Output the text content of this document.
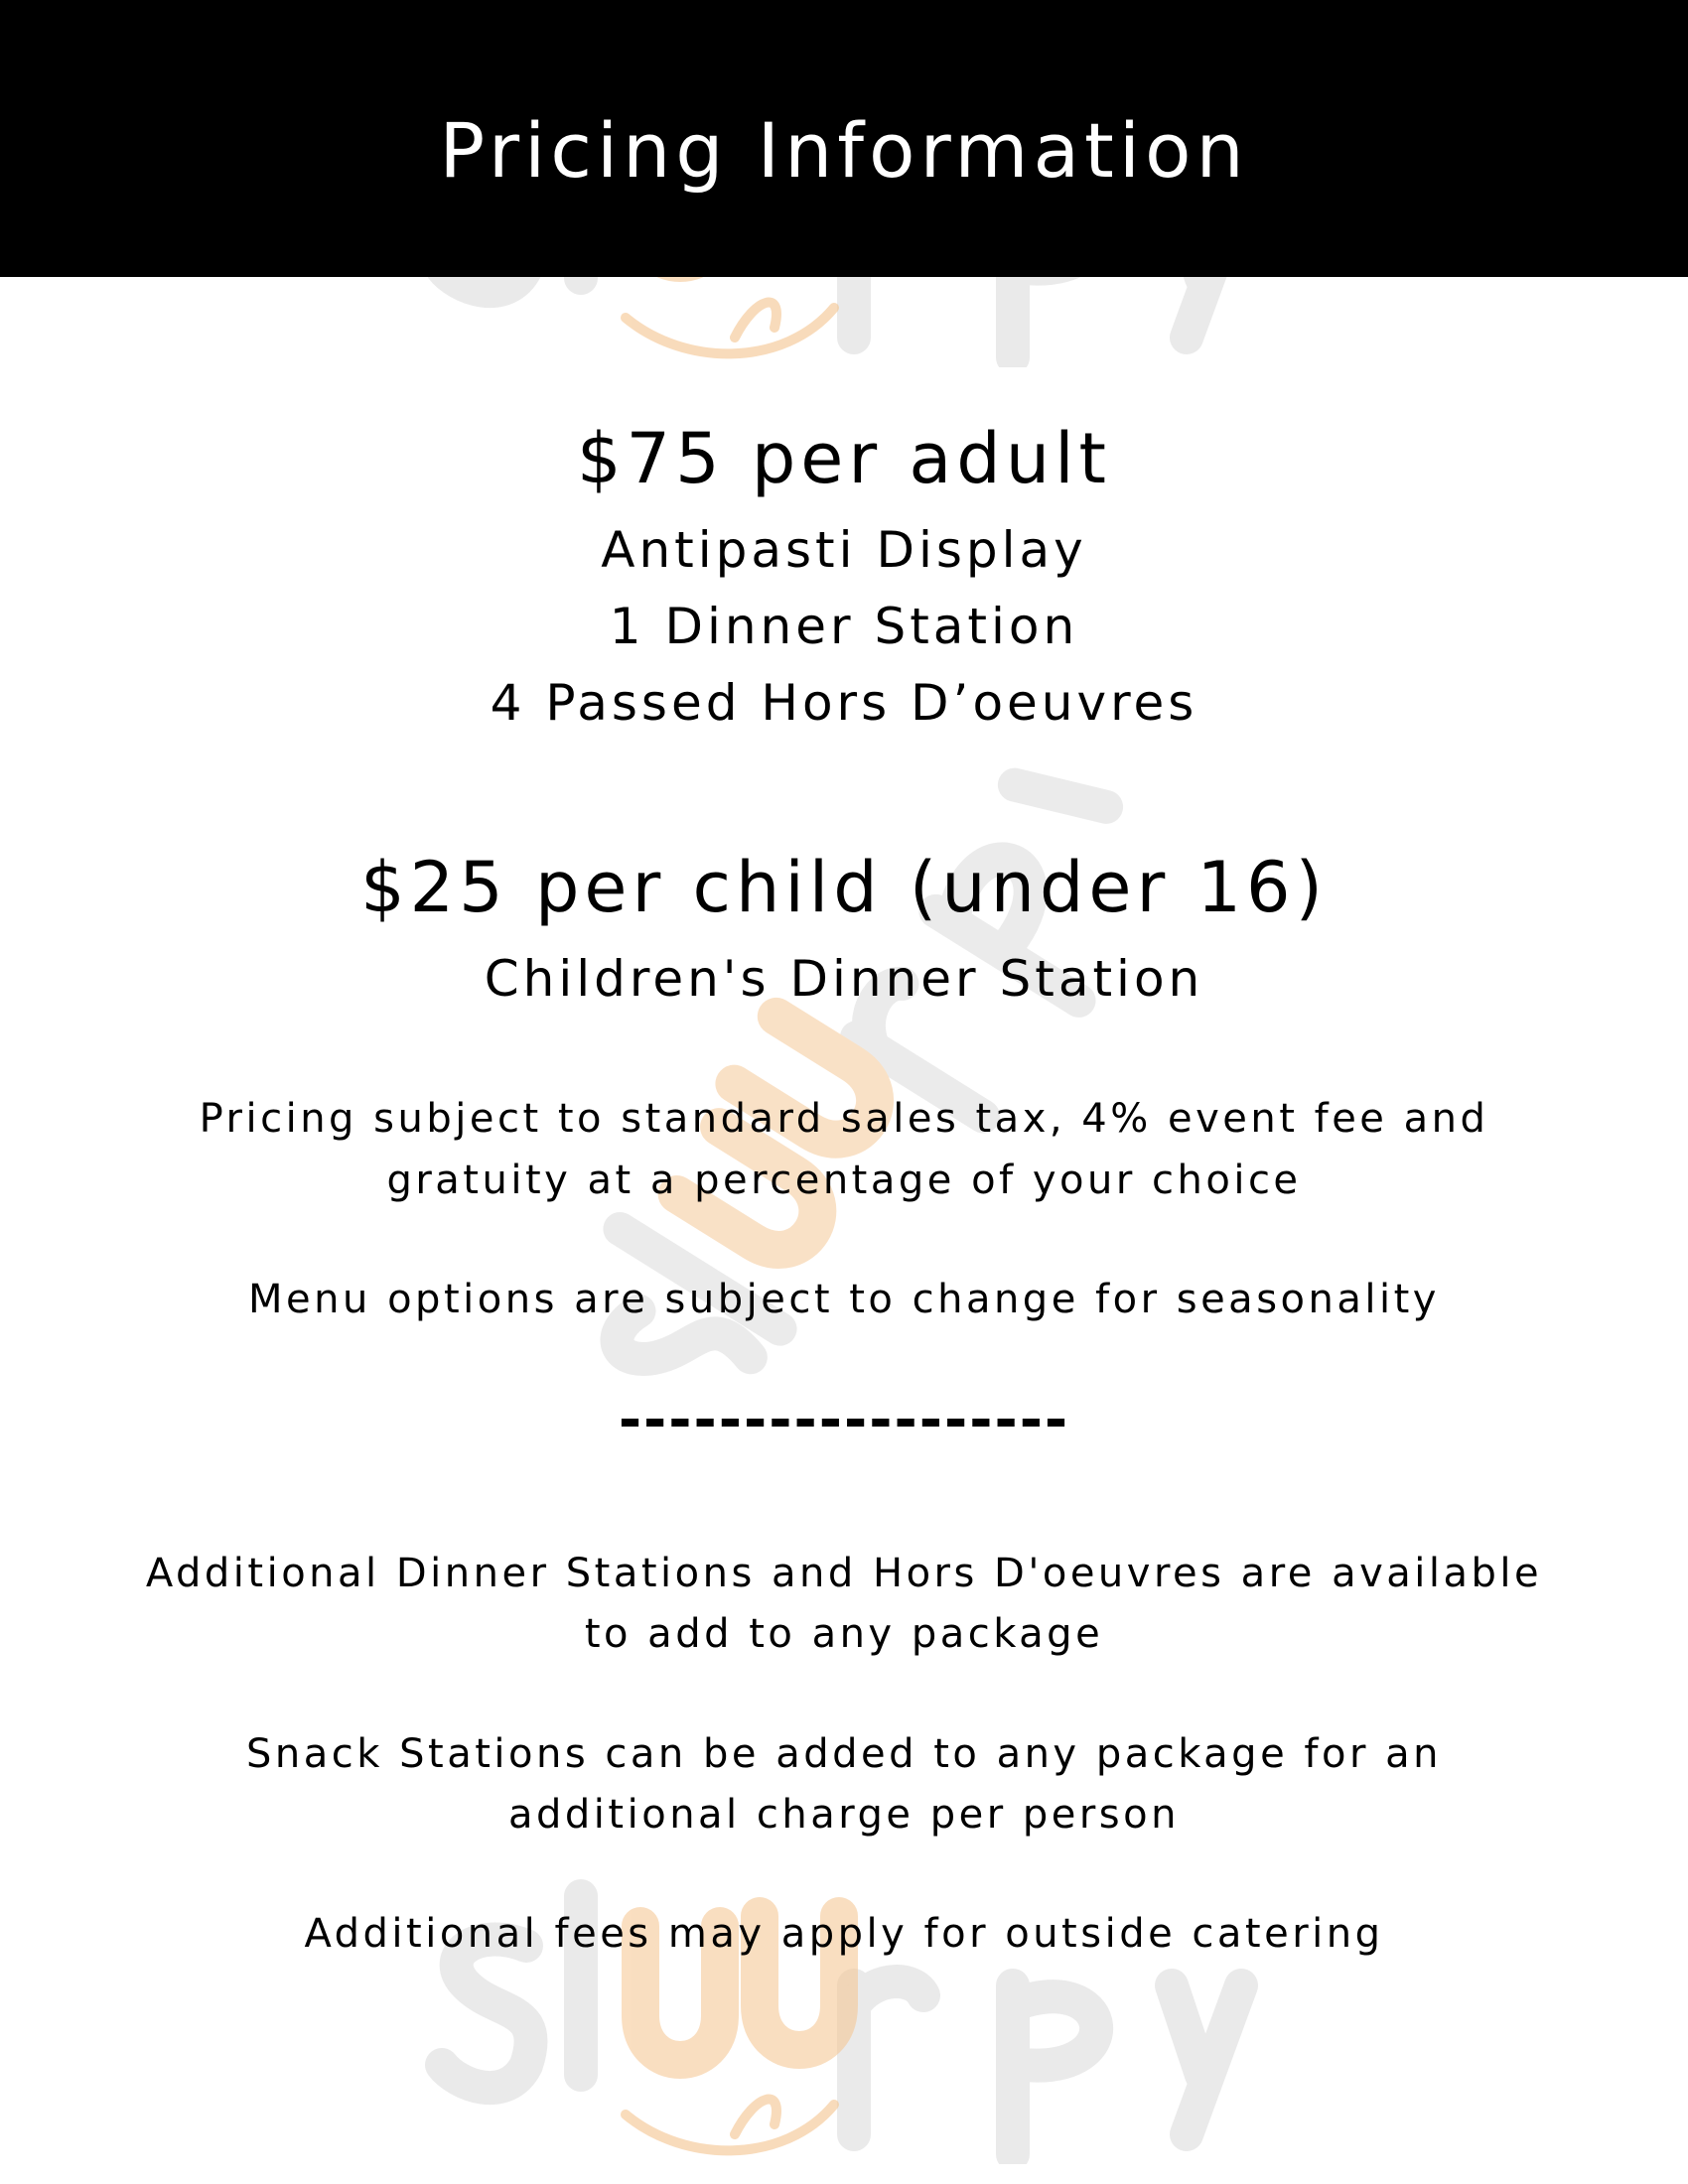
Pricing Information
$75 per adult
Antipasti Display
1 Dinner Station
4 Passed Hors D’oeuvres
$25 per child (under 16)
Children's Dinner Station
Pricing subject to standard sales tax, 4% event fee and
gratuity at a percentage of your choice
Menu options are subject to change for seasonality
------------------
Additional Dinner Stations and Hors D'oeuvres are available
to add to any package
Snack Stations can be added to any package for an
additional charge per person
Additional fees may apply for outside catering
